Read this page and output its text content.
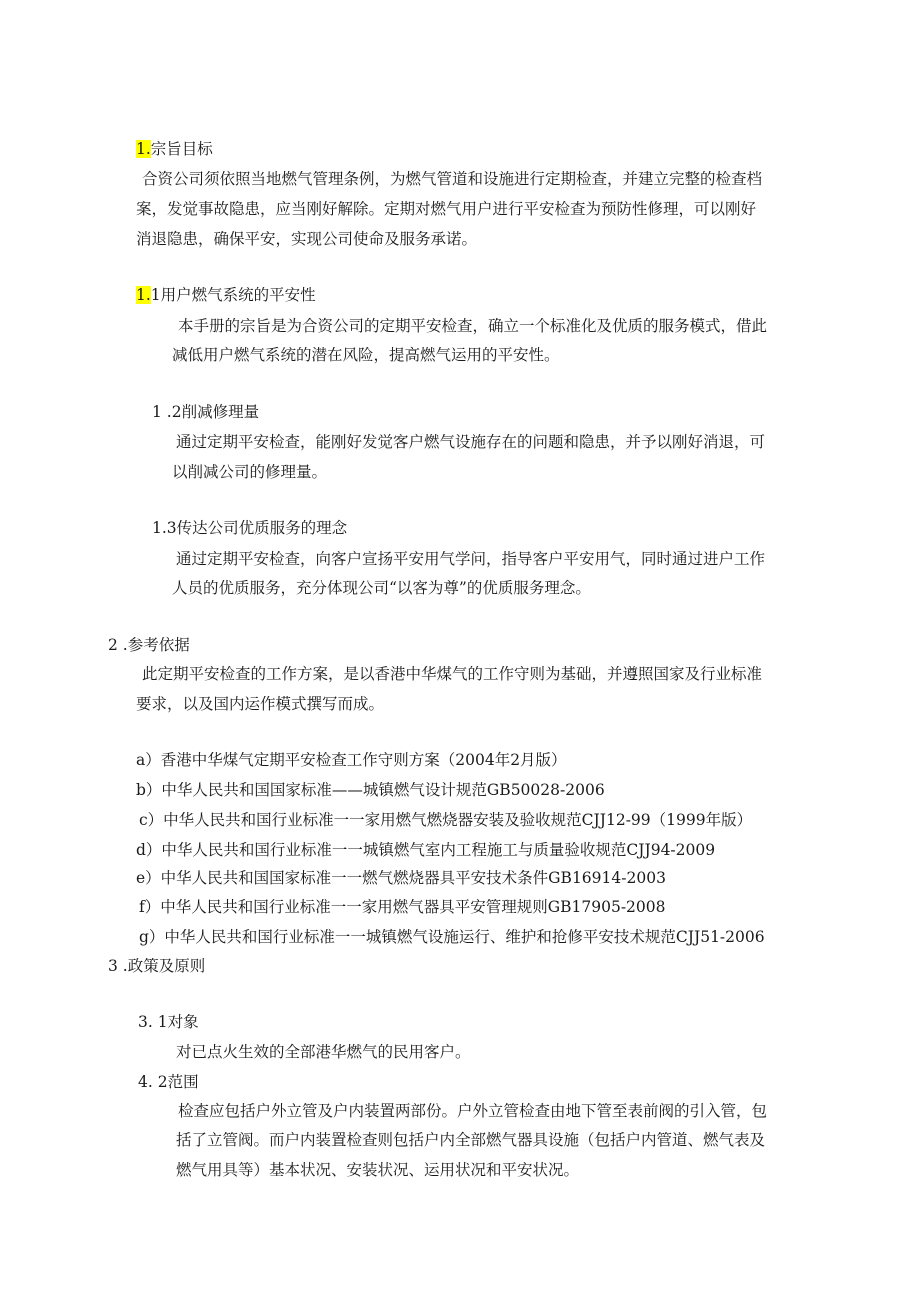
1.宗旨目标
合资公司须依照当地燃气管理条例，为燃气管道和设施进行定期检查，并建立完整的检查档
案，发觉事故隐患，应当刚好解除。定期对燃气用户进行平安检查为预防性修理，可以刚好
消退隐患，确保平安，实现公司使命及服务承诺。
1.1用户燃气系统的平安性
本手册的宗旨是为合资公司的定期平安检查，确立一个标准化及优质的服务模式，借此
减低用户燃气系统的潜在风险，提高燃气运用的平安性。
1 .2削减修理量
通过定期平安检查，能刚好发觉客户燃气设施存在的问题和隐患，并予以刚好消退，可
以削减公司的修理量。
1.3传达公司优质服务的理念
通过定期平安检查，向客户宣扬平安用气学问，指导客户平安用气，同时通过进户工作
人员的优质服务，充分体现公司“以客为尊”的优质服务理念。
2 .参考依据
此定期平安检查的工作方案，是以香港中华煤气的工作守则为基础，并遵照国家及行业标准
要求，以及国内运作模式撰写而成。
a）香港中华煤气定期平安检查工作守则方案（2004年2月版）
b）中华人民共和国国家标准——城镇燃气设计规范GB50028-2006
c）中华人民共和国行业标准一一家用燃气燃烧器安装及验收规范CJJ12-99（1999年版）
d）中华人民共和国行业标准一一城镇燃气室内工程施工与质量验收规范CJJ94-2009
e）中华人民共和国国家标准一一燃气燃烧器具平安技术条件GB16914-2003
f）中华人民共和国行业标准一一家用燃气器具平安管理规则GB17905-2008
g）中华人民共和国行业标准一一城镇燃气设施运行、维护和抢修平安技术规范CJJ51-2006
3 .政策及原则
3. 1对象
对已点火生效的全部港华燃气的民用客户。
4. 2范围
检查应包括户外立管及户内装置两部份。户外立管检查由地下管至表前阀的引入管，包
括了立管阀。而户内装置检查则包括户内全部燃气器具设施（包括户内管道、燃气表及
燃气用具等）基本状况、安装状况、运用状况和平安状况。
